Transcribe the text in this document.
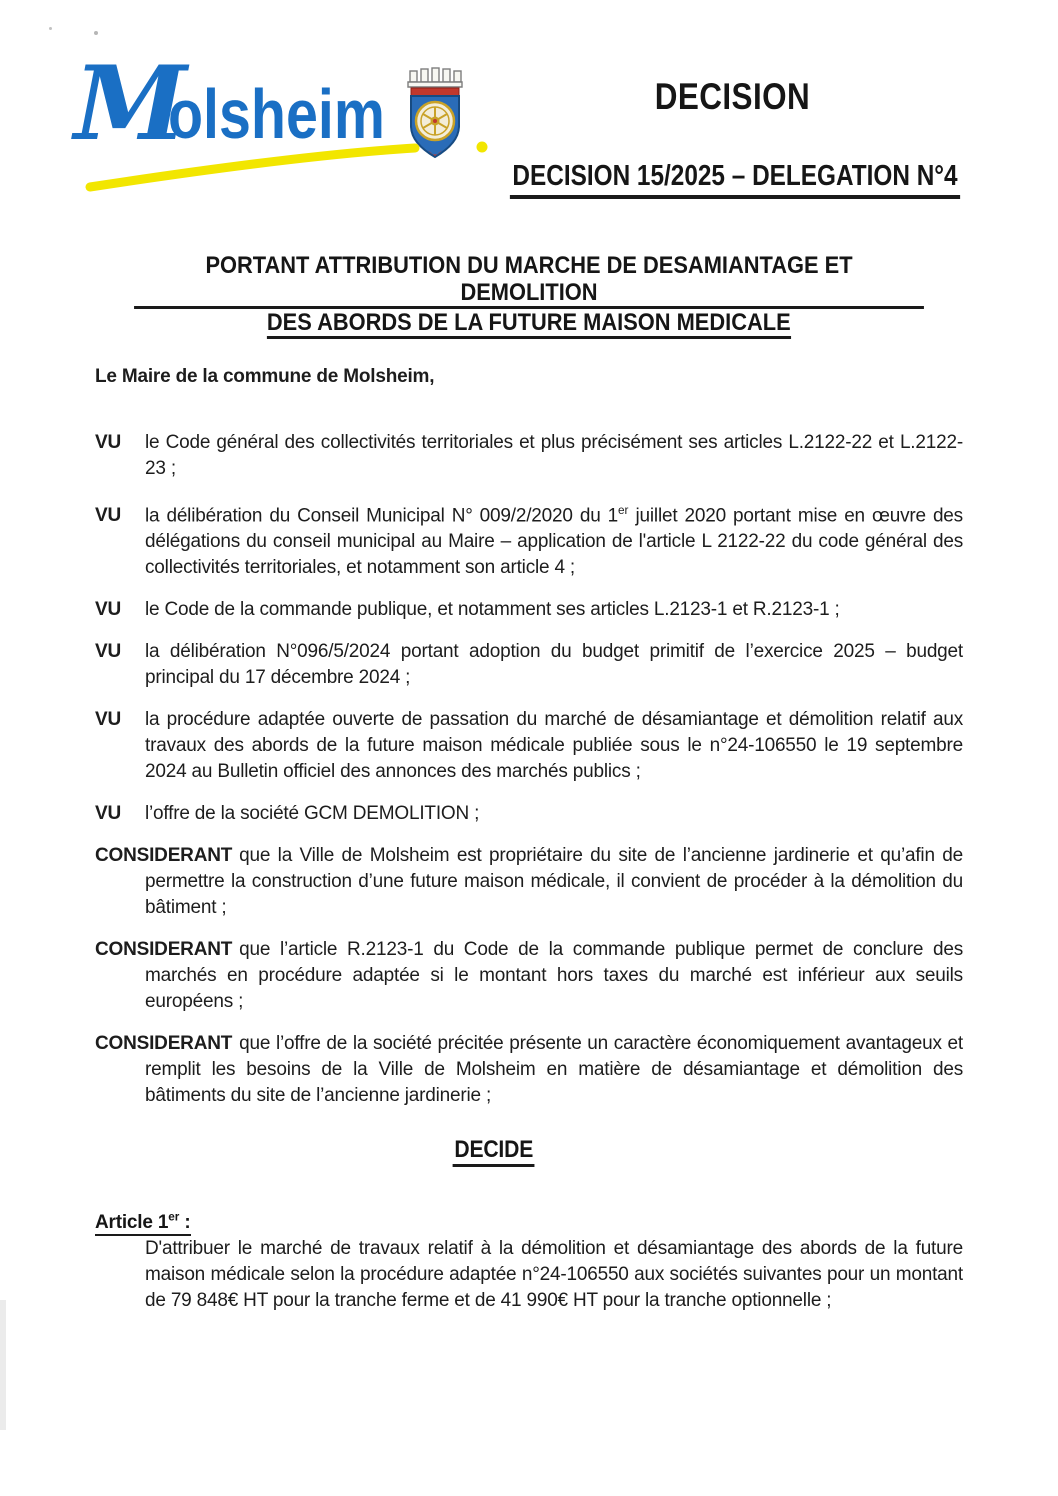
M
olsheim	DECISION
DECISION 15/2025 – DELEGATION N°4
PORTANT ATTRIBUTION DU MARCHE DE DESAMIANTAGE ET DEMOLITION
DES ABORDS DE LA FUTURE MAISON MEDICALE

Le Maire de la commune de Molsheim,

VU le Code général des collectivités territoriales et plus précisément ses articles L.2122-22 et L.2122-23 ;

VU la délibération du Conseil Municipal N° 009/2/2020 du 1er juillet 2020 portant mise en œuvre des délégations du conseil municipal au Maire – application de l'article L 2122-22 du code général des collectivités territoriales, et notamment son article 4 ;

VU le Code de la commande publique, et notamment ses articles L.2123-1 et R.2123-1 ;

VU la délibération N°096/5/2024 portant adoption du budget primitif de l’exercice 2025 – budget principal du 17 décembre 2024 ;

VU la procédure adaptée ouverte de passation du marché de désamiantage et démolition relatif aux travaux des abords de la future maison médicale publiée sous le n°24-106550 le 19 septembre 2024 au Bulletin officiel des annonces des marchés publics ;

VU l’offre de la société GCM DEMOLITION ;

CONSIDERANT que la Ville de Molsheim est propriétaire du site de l’ancienne jardinerie et qu’afin de permettre la construction d’une future maison médicale, il convient de procéder à la démolition du bâtiment ;

CONSIDERANT que l’article R.2123-1 du Code de la commande publique permet de conclure des marchés en procédure adaptée si le montant hors taxes du marché est inférieur aux seuils européens ;

CONSIDERANT que l’offre de la société précitée présente un caractère économiquement avantageux et remplit les besoins de la Ville de Molsheim en matière de désamiantage et démolition des bâtiments du site de l’ancienne jardinerie ;

DECIDE

Article 1er :

D'attribuer le marché de travaux relatif à la démolition et désamiantage des abords de la future maison médicale selon la procédure adaptée n°24-106550 aux sociétés suivantes pour un montant de 79 848€ HT pour la tranche ferme et de 41 990€ HT pour la tranche optionnelle ;
